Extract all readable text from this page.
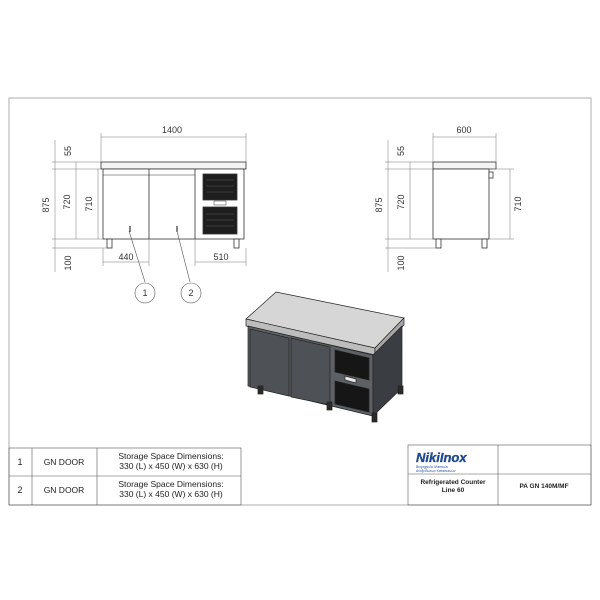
1400
55
875 720 710
100	440	510
1	2
600
55
875 720	710
100
1 GN DOOR
Storage Space Dimensions:
330 (L) x 450 (W) x 630 (H)
2 GN DOOR
Storage Space Dimensions:
330 (L) x 450 (W) x 630 (H)
NikiInox
Βιομηχανία Ψυκτικών
Ανοξείδωτων Κατασκευών
Refrigerated Counter
Line 60
PA GN 140M/MF
